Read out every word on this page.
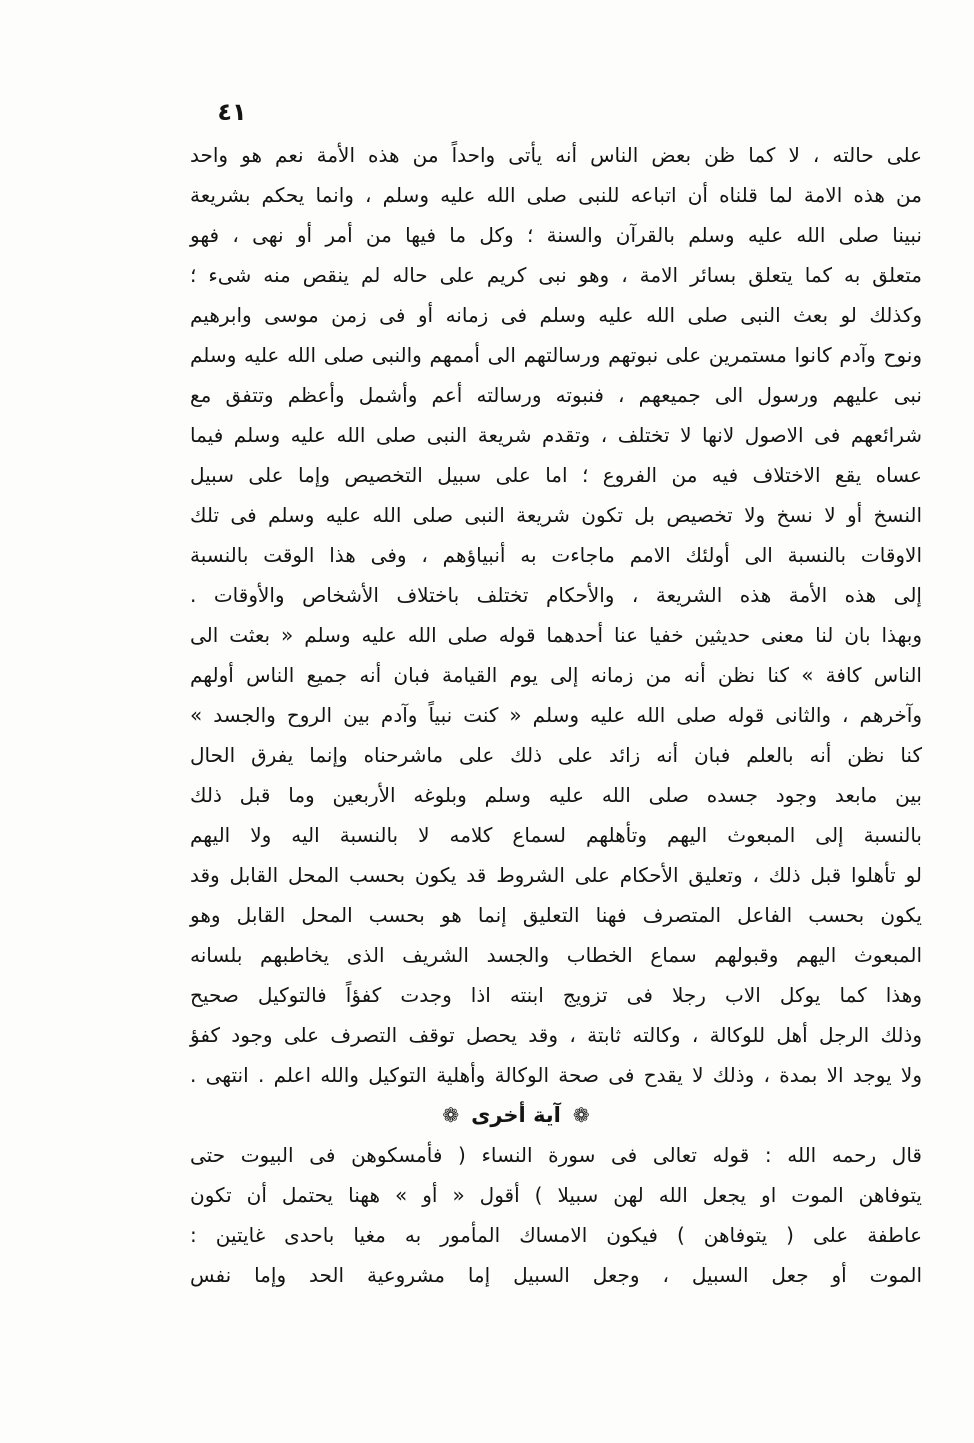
٤١
على حالته ، لا كما ظن بعض الناس أنه يأتى واحداً من هذه الأمة نعم هو واحد
من هذه الامة لما قلناه أن اتباعه للنبى صلى الله عليه وسلم ، وانما يحكم بشريعة
نبينا صلى الله عليه وسلم بالقرآن والسنة ؛ وكل ما فيها من أمر أو نهى ، فهو
متعلق به كما يتعلق بسائر الامة ، وهو نبى كريم على حاله لم ينقص منه شىء ؛
وكذلك لو بعث النبى صلى الله عليه وسلم فى زمانه أو فى زمن موسى وابرهيم
ونوح وآدم كانوا مستمرين على نبوتهم ورسالتهم الى أممهم والنبى صلى الله عليه وسلم
نبى عليهم ورسول الى جميعهم ، فنبوته ورسالته أعم وأشمل وأعظم وتتفق مع
شرائعهم فى الاصول لانها لا تختلف ، وتقدم شريعة النبى صلى الله عليه وسلم فيما
عساه يقع الاختلاف فيه من الفروع ؛ اما على سبيل التخصيص وإما على سبيل
النسخ أو لا نسخ ولا تخصيص بل تكون شريعة النبى صلى الله عليه وسلم فى تلك
الاوقات بالنسبة الى أولئك الامم ماجاءت به أنبياؤهم ، وفى هذا الوقت بالنسبة
إلى هذه الأمة هذه الشريعة ، والأحكام تختلف باختلاف الأشخاص والأوقات .
وبهذا بان لنا معنى حديثين خفيا عنا أحدهما قوله صلى الله عليه وسلم « بعثت الى
الناس كافة » كنا نظن أنه من زمانه إلى يوم القيامة فبان أنه جميع الناس أولهم
وآخرهم ، والثانى قوله صلى الله عليه وسلم « كنت نبياً وآدم بين الروح والجسد »
كنا نظن أنه بالعلم فبان أنه زائد على ذلك على ماشرحناه وإنما يفرق الحال
بين مابعد وجود جسده صلى الله عليه وسلم وبلوغه الأربعين وما قبل ذلك
بالنسبة إلى المبعوث اليهم وتأهلهم لسماع كلامه لا بالنسبة اليه ولا اليهم
لو تأهلوا قبل ذلك ، وتعليق الأحكام على الشروط قد يكون بحسب المحل القابل وقد
يكون بحسب الفاعل المتصرف فهنا التعليق إنما هو بحسب المحل القابل وهو
المبعوث اليهم وقبولهم سماع الخطاب والجسد الشريف الذى يخاطبهم بلسانه
وهذا كما يوكل الاب رجلا فى تزويج ابنته اذا وجدت كفؤاً فالتوكيل صحيح
وذلك الرجل أهل للوكالة ، وكالته ثابتة ، وقد يحصل توقف التصرف على وجود كفؤ
ولا يوجد الا بمدة ، وذلك لا يقدح فى صحة الوكالة وأهلية التوكيل والله اعلم . انتهى .
❁
آية أخرى
❁
قال رحمه الله : قوله تعالى فى سورة النساء ( فأمسكوهن فى البيوت حتى
يتوفاهن الموت او يجعل الله لهن سبيلا ) أقول « أو » ههنا يحتمل أن تكون
عاطفة على ( يتوفاهن ) فيكون الامساك المأمور به مغيا باحدى غايتين :
الموت أو جعل السبيل ، وجعل السبيل إما مشروعية الحد وإما نفس
